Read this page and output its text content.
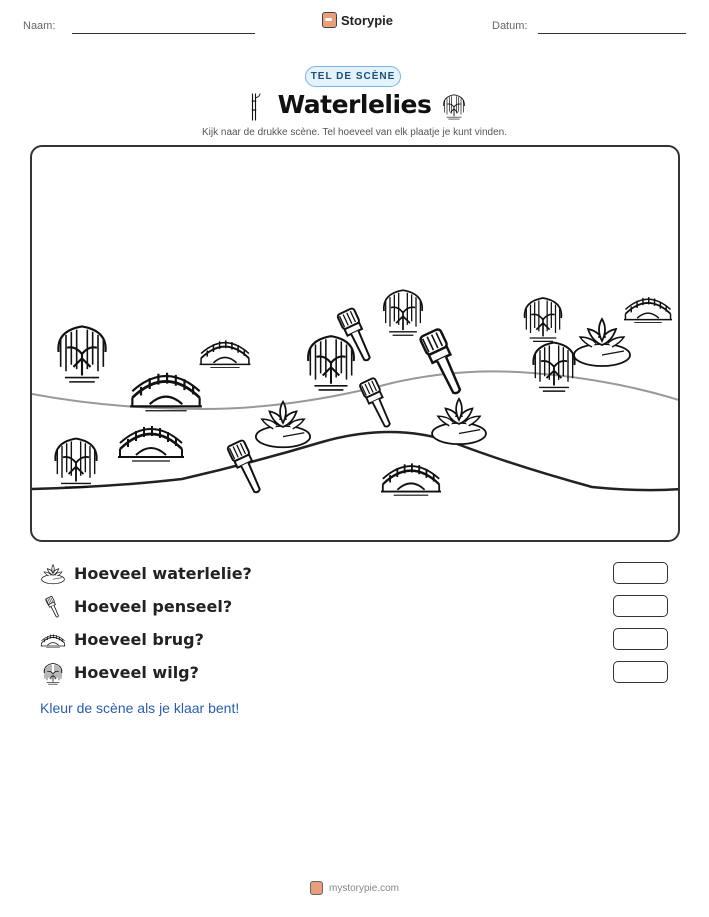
Naam:	Storypie	Datum:
TEL DE SCÈNE
Waterlelies
Kijk naar de drukke scène. Tel hoeveel van elk plaatje je kunt vinden.
Hoeveel waterlelie?
Hoeveel penseel?
Hoeveel brug?
Hoeveel wilg?
Kleur de scène als je klaar bent!
mystorypie.com
